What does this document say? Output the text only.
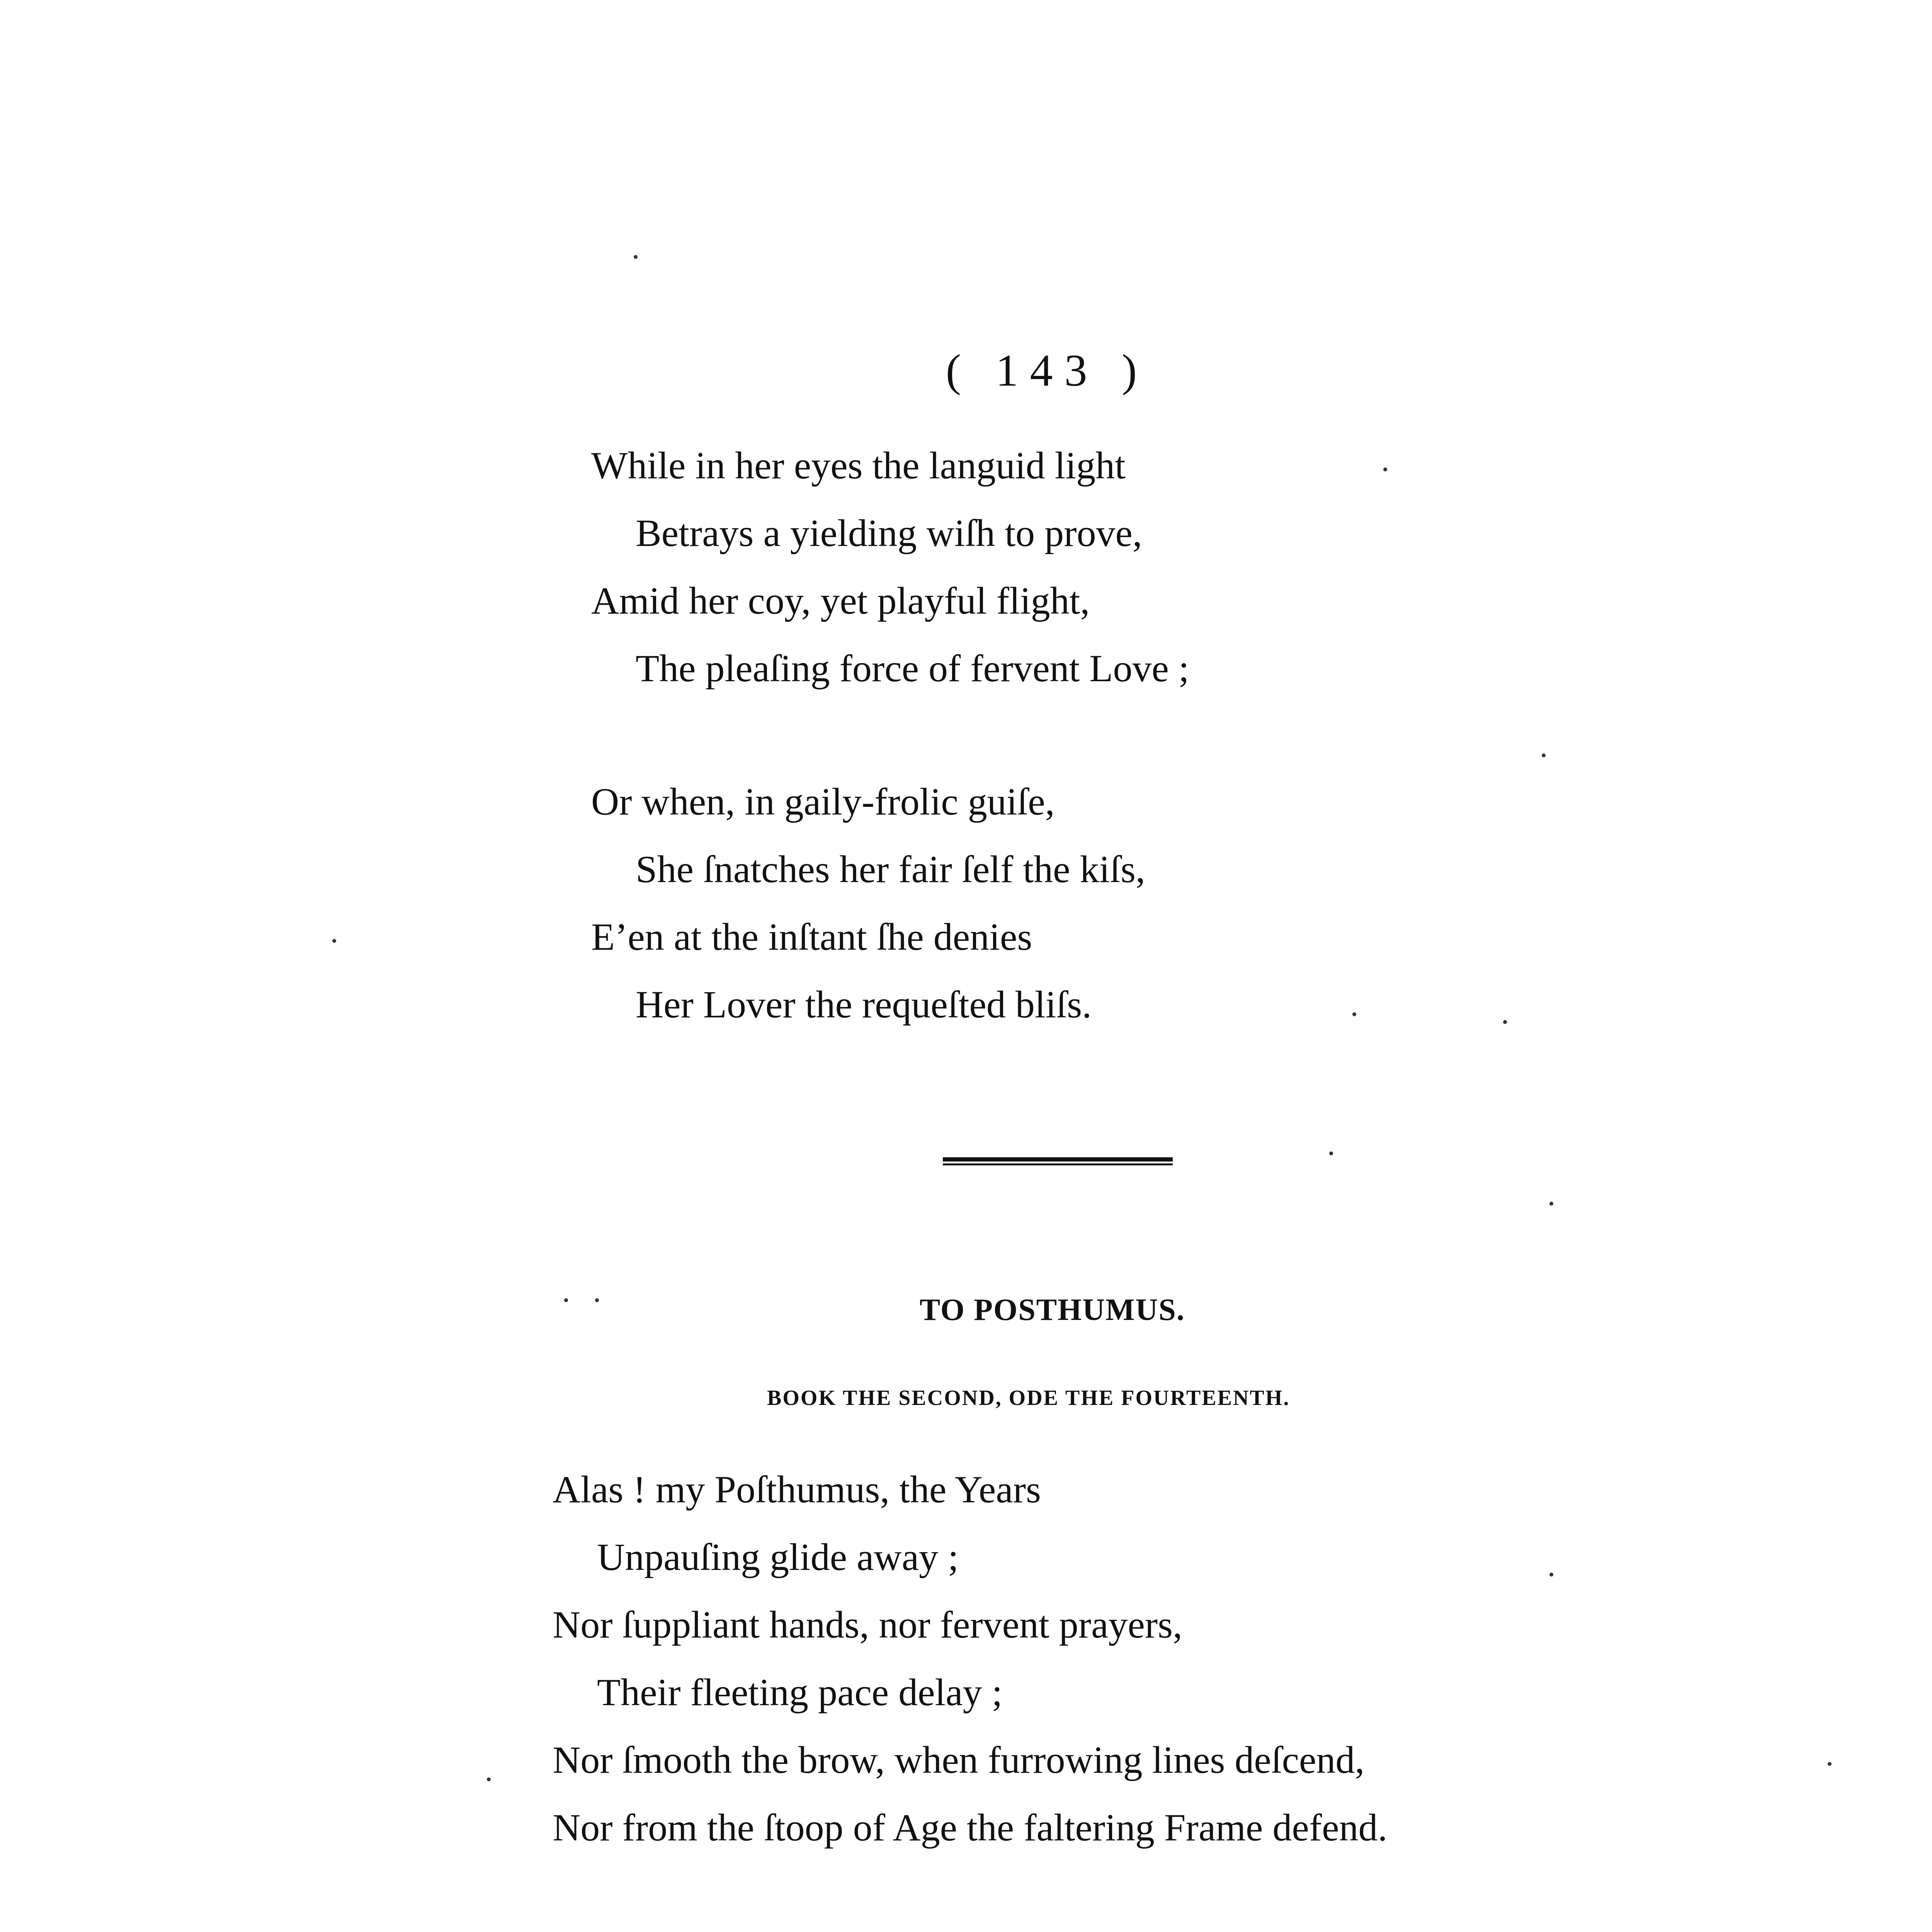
( 143 )
While in her eyes the languid light
Betrays a yielding wiſh to prove,
Amid her coy, yet playful flight,
The pleaſing force of fervent Love ;
Or when, in gaily-frolic guiſe,
She ſnatches her fair ſelf the kiſs,
E’en at the inſtant ſhe denies
Her Lover the requeſted bliſs.
TO POSTHUMUS.
BOOK THE SECOND, ODE THE FOURTEENTH.
Alas ! my Poſthumus, the Years
Unpauſing glide away ;
Nor ſuppliant hands, nor fervent prayers,
Their fleeting pace delay ;
Nor ſmooth the brow, when furrowing lines deſcend,
Nor from the ſtoop of Age the faltering Frame defend.
